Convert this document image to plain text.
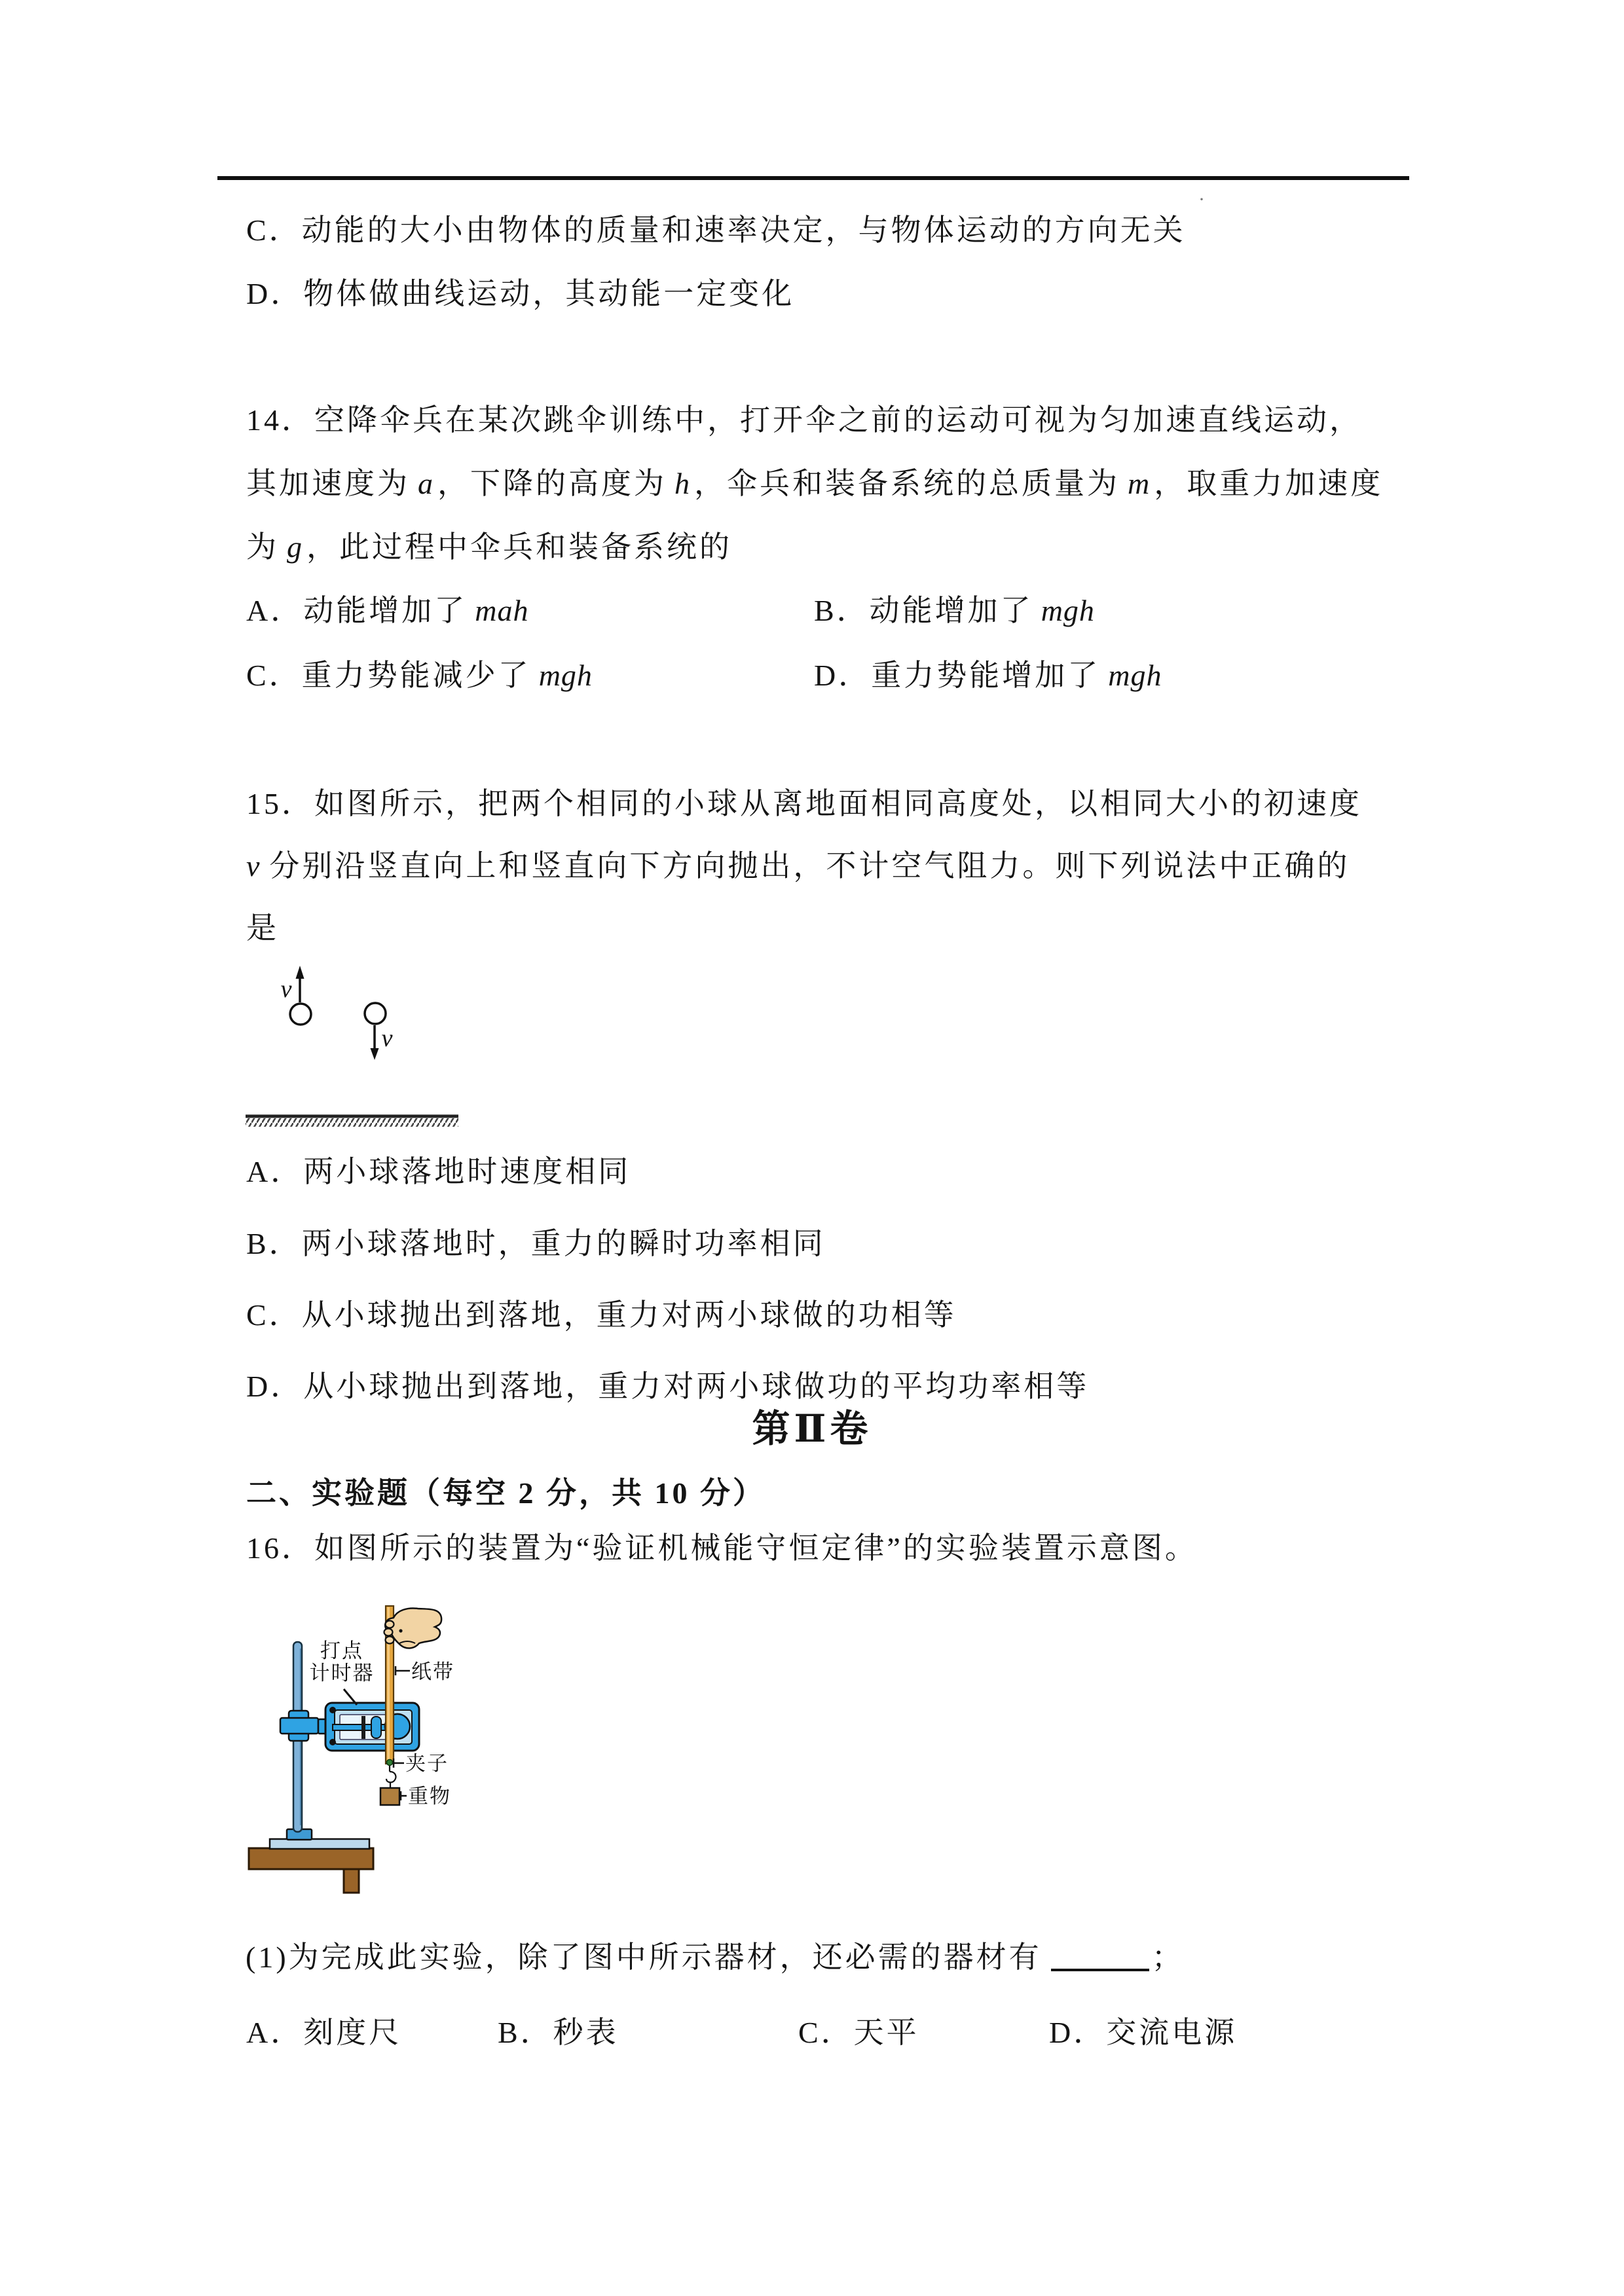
·
C．动能的大小由物体的质量和速率决定，与物体运动的方向无关
D．物体做曲线运动，其动能一定变化
14．空降伞兵在某次跳伞训练中，打开伞之前的运动可视为匀加速直线运动，
其加速度为 a ，下降的高度为 h ，伞兵和装备系统的总质量为 m ，取重力加速度
为 g ，此过程中伞兵和装备系统的
A．动能增加了 mah	B．动能增加了 mgh
C．重力势能减少了 mgh	D．重力势能增加了 mgh
15．如图所示，把两个相同的小球从离地面相同高度处，以相同大小的初速度
v 分别沿竖直向上和竖直向下方向抛出，不计空气阻力。则下列说法中正确的
是
v
v
A．两小球落地时速度相同
B．两小球落地时，重力的瞬时功率相同
C．从小球抛出到落地，重力对两小球做的功相等
D．从小球抛出到落地，重力对两小球做功的平均功率相等
第Ⅱ卷
二、实验题（每空 2 分，共 10 分）
16．如图所示的装置为“验证机械能守恒定律”的实验装置示意图。
打点
计时器 纸带
夹子
重物
(1)为完成此实验，除了图中所示器材，还必需的器材有	；
A．刻度尺	B．秒表	C．天平	D．交流电源
